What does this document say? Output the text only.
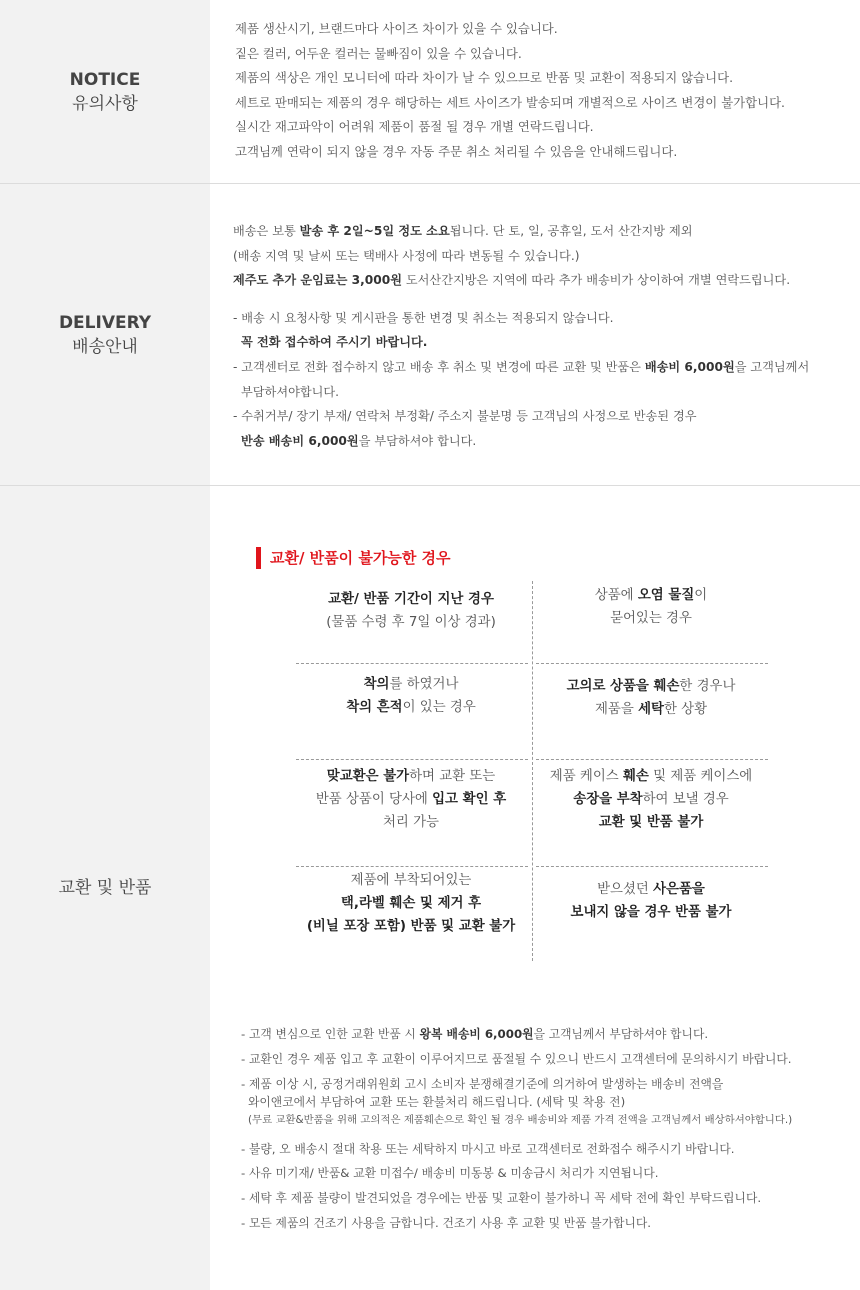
NOTICE
유의사항
제품 생산시기, 브랜드마다 사이즈 차이가 있을 수 있습니다.
짙은 컬러, 어두운 컬러는 물빠짐이 있을 수 있습니다.
제품의 색상은 개인 모니터에 따라 차이가 날 수 있으므로 반품 및 교환이 적용되지 않습니다.
세트로 판매되는 제품의 경우 해당하는 세트 사이즈가 발송되며 개별적으로 사이즈 변경이 불가합니다.
실시간 재고파악이 어려워 제품이 품절 될 경우 개별 연락드립니다.
고객님께 연락이 되지 않을 경우 자동 주문 취소 처리될 수 있음을 안내해드립니다.
DELIVERY
배송안내
배송은 보통 발송 후 2일~5일 정도 소요됩니다. 단 토, 일, 공휴일, 도서 산간지방 제외
(배송 지역 및 날씨 또는 택배사 사정에 따라 변동될 수 있습니다.)
제주도 추가 운임료는 3,000원 도서산간지방은 지역에 따라 추가 배송비가 상이하여 개별 연락드립니다.
- 배송 시 요청사항 및 게시판을 통한 변경 및 취소는 적용되지 않습니다.
꼭 전화 접수하여 주시기 바랍니다.
- 고객센터로 전화 접수하지 않고 배송 후 취소 및 변경에 따른 교환 및 반품은 배송비 6,000원을 고객님께서
부담하셔야합니다.
- 수취거부/ 장기 부재/ 연락처 부정확/ 주소지 불분명 등 고객님의 사정으로 반송된 경우
반송 배송비 6,000원을 부담하셔야 합니다.
교환 및 반품
교환/ 반품이 불가능한 경우
교환/ 반품 기간이 지난 경우
(물품 수령 후 7일 이상 경과)
상품에 오염 물질이
묻어있는 경우
착의를 하였거나
착의 흔적이 있는 경우
고의로 상품을 훼손한 경우나
제품을 세탁한 상황
맞교환은 불가하며 교환 또는
반품 상품이 당사에 입고 확인 후
처리 가능
제품 케이스 훼손 및 제품 케이스에
송장을 부착하여 보낼 경우
교환 및 반품 불가
제품에 부착되어있는
택,라벨 훼손 및 제거 후
(비닐 포장 포함) 반품 및 교환 불가
받으셨던 사은품을
보내지 않을 경우 반품 불가
- 고객 변심으로 인한 교환 반품 시 왕복 배송비 6,000원을 고객님께서 부담하셔야 합니다.
- 교환인 경우 제품 입고 후 교환이 이루어지므로 품절될 수 있으니 반드시 고객센터에 문의하시기 바랍니다.
- 제품 이상 시, 공정거래위원회 고시 소비자 분쟁해결기준에 의거하여 발생하는 배송비 전액을
와이앤코에서 부담하여 교환 또는 환불처리 해드립니다. (세탁 및 착용 전)
(무료 교환&반품을 위해 고의적은 제품훼손으로 확인 될 경우 배송비와 제품 가격 전액을 고객님께서 배상하셔야합니다.)
- 불량, 오 배송시 절대 착용 또는 세탁하지 마시고 바로 고객센터로 전화접수 해주시기 바랍니다.
- 사유 미기재/ 반품& 교환 미접수/ 배송비 미동봉 & 미송금시 처리가 지연됩니다.
- 세탁 후 제품 불량이 발견되었을 경우에는 반품 및 교환이 불가하니 꼭 세탁 전에 확인 부탁드립니다.
- 모든 제품의 건조기 사용을 금합니다. 건조기 사용 후 교환 및 반품 불가합니다.
